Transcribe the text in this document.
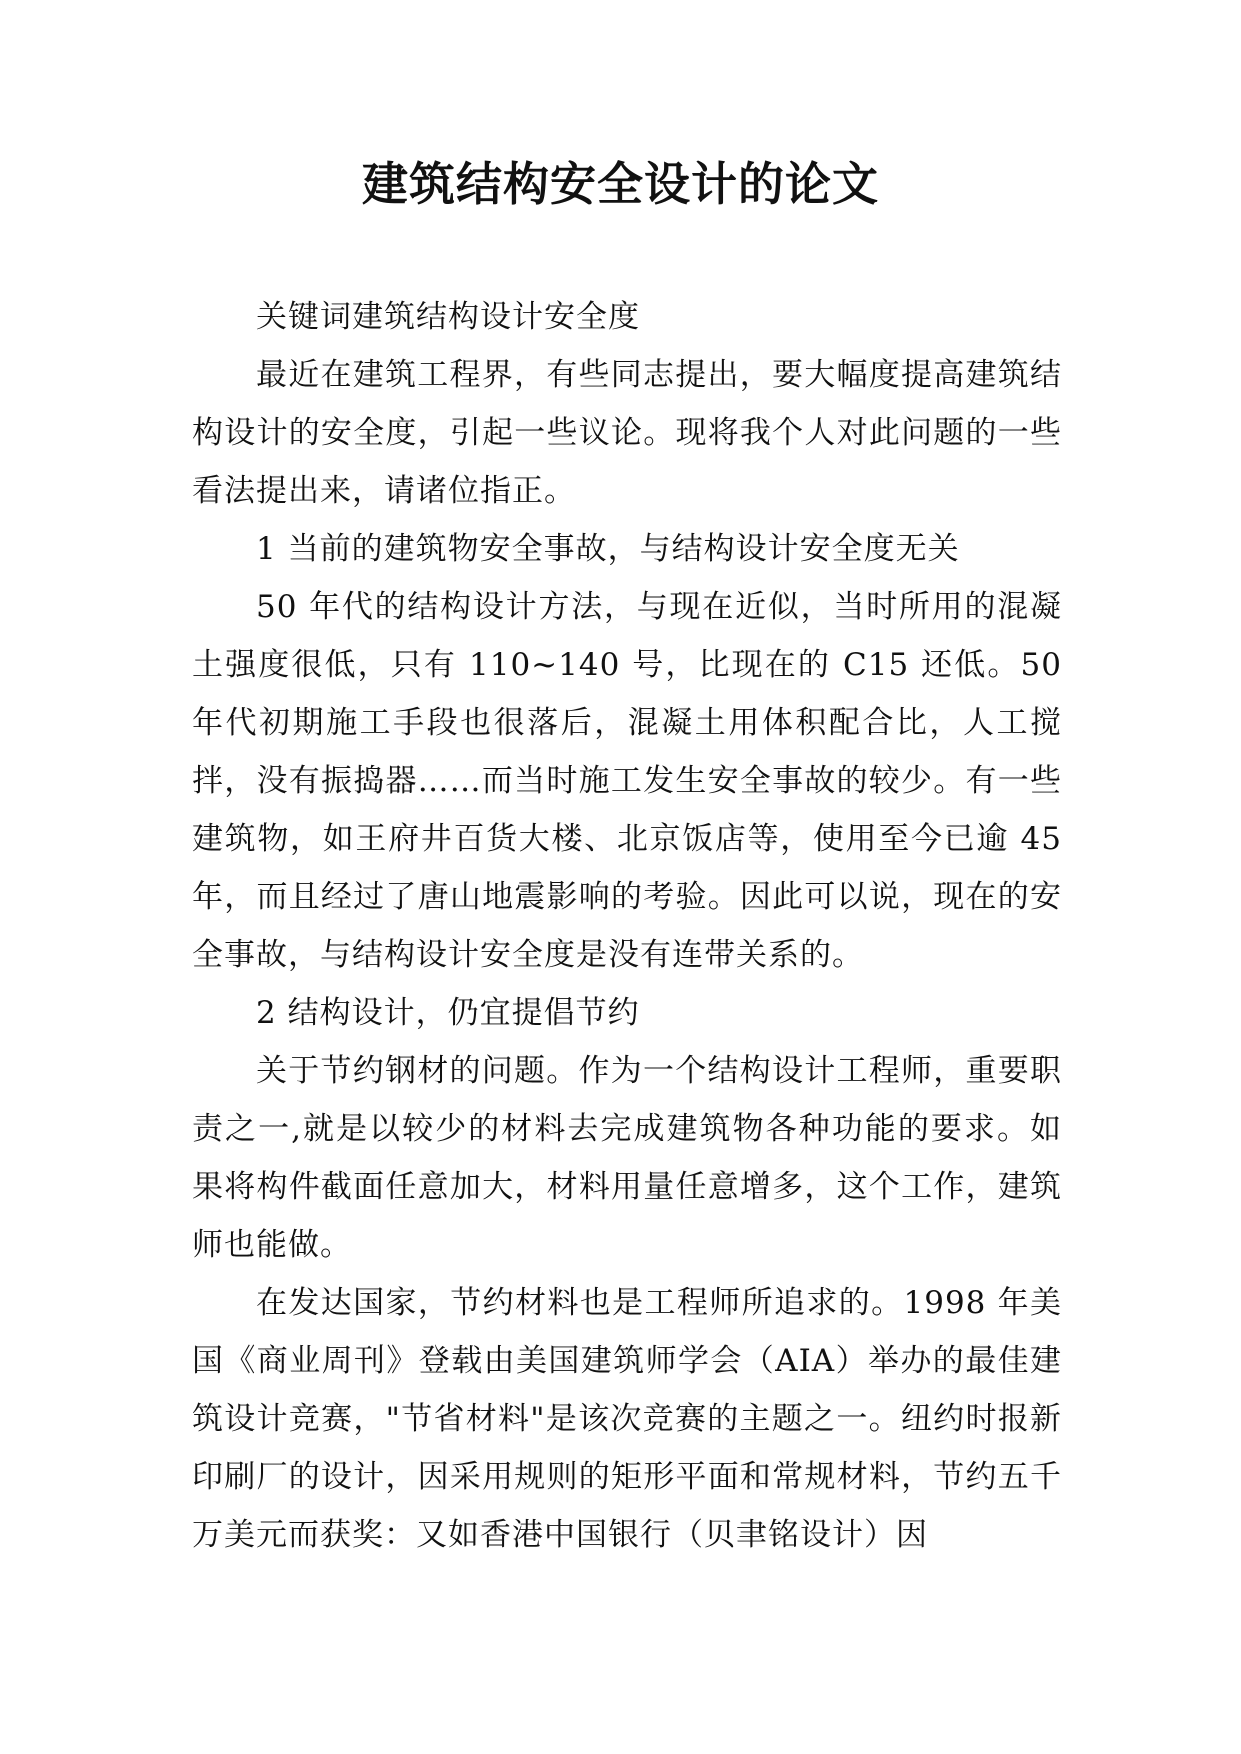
建筑结构安全设计的论文

关键词建筑结构设计安全度

最近在建筑工程界，有些同志提出，要大幅度提高建筑结构设计的安全度，引起一些议论。现将我个人对此问题的一些看法提出来，请诸位指正。

1 当前的建筑物安全事故，与结构设计安全度无关

50 年代的结构设计方法，与现在近似，当时所用的混凝土强度很低，只有 110~140 号，比现在的 C15 还低。50 年代初期施工手段也很落后，混凝土用体积配合比，人工搅拌，没有振捣器……而当时施工发生安全事故的较少。有一些建筑物，如王府井百货大楼、北京饭店等，使用至今已逾 45 年，而且经过了唐山地震影响的考验。因此可以说，现在的安全事故，与结构设计安全度是没有连带关系的。

2 结构设计，仍宜提倡节约

关于节约钢材的问题。作为一个结构设计工程师，重要职责之一,就是以较少的材料去完成建筑物各种功能的要求。如果将构件截面任意加大，材料用量任意增多，这个工作，建筑师也能做。

在发达国家，节约材料也是工程师所追求的。1998 年美国《商业周刊》登载由美国建筑师学会（AIA）举办的最佳建筑设计竞赛，"节省材料"是该次竞赛的主题之一。纽约时报新印刷厂的设计，因采用规则的矩形平面和常规材料，节约五千万美元而获奖：又如香港中国银行（贝聿铭设计）因
